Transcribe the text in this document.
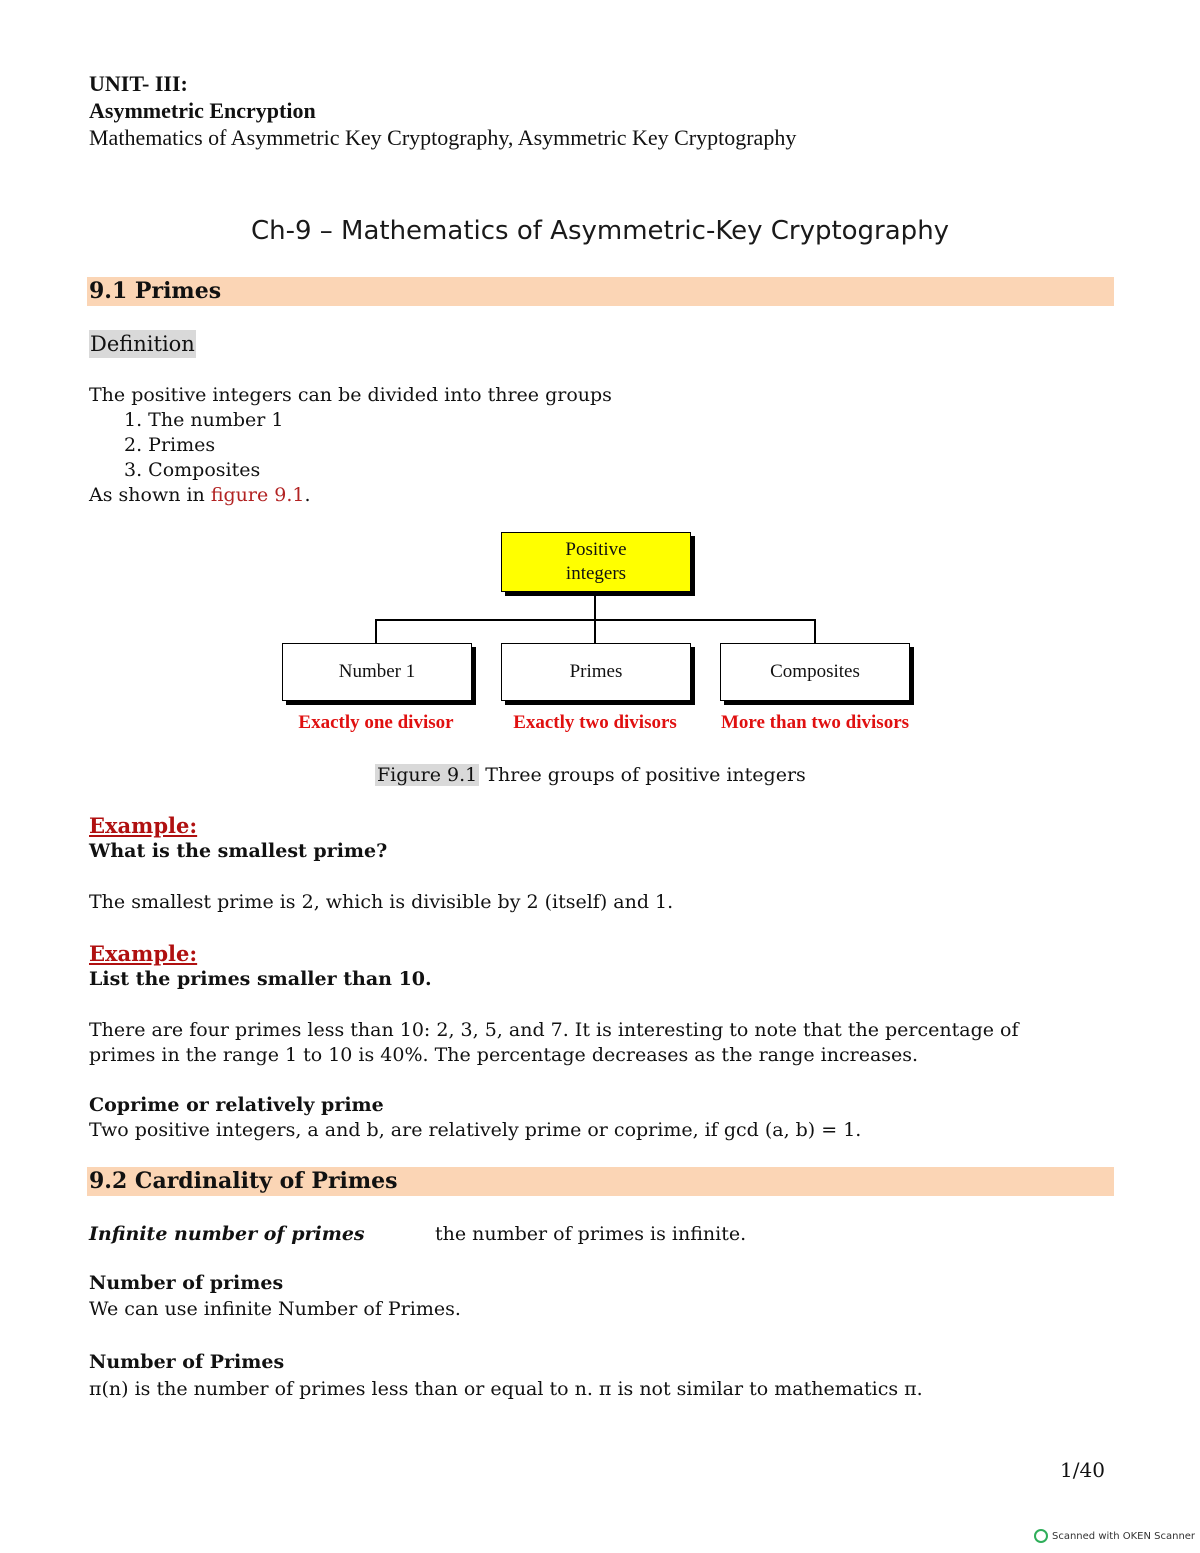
UNIT- III:
Asymmetric Encryption
Mathematics of Asymmetric Key Cryptography, Asymmetric Key Cryptography
Ch-9 – Mathematics of Asymmetric-Key Cryptography
9.1 Primes
Definition
The positive integers can be divided into three groups
1. The number 1
2. Primes
3. Composites
As shown in figure 9.1.
Positive
integers
Number 1	Primes	Composites
Exactly one divisor	Exactly two divisors	More than two divisors
Figure 9.1 Three groups of positive integers
Example:
What is the smallest prime?
The smallest prime is 2, which is divisible by 2 (itself) and 1.
Example:
List the primes smaller than 10.
There are four primes less than 10: 2, 3, 5, and 7. It is interesting to note that the percentage of
primes in the range 1 to 10 is 40%. The percentage decreases as the range increases.
Coprime or relatively prime
Two positive integers, a and b, are relatively prime or coprime, if gcd (a, b) = 1.
9.2 Cardinality of Primes
Infinite number of primes	the number of primes is infinite.
Number of primes
We can use infinite Number of Primes.
Number of Primes
π(n) is the number of primes less than or equal to n. π is not similar to mathematics π.
1/40
Scanned with OKEN Scanner
